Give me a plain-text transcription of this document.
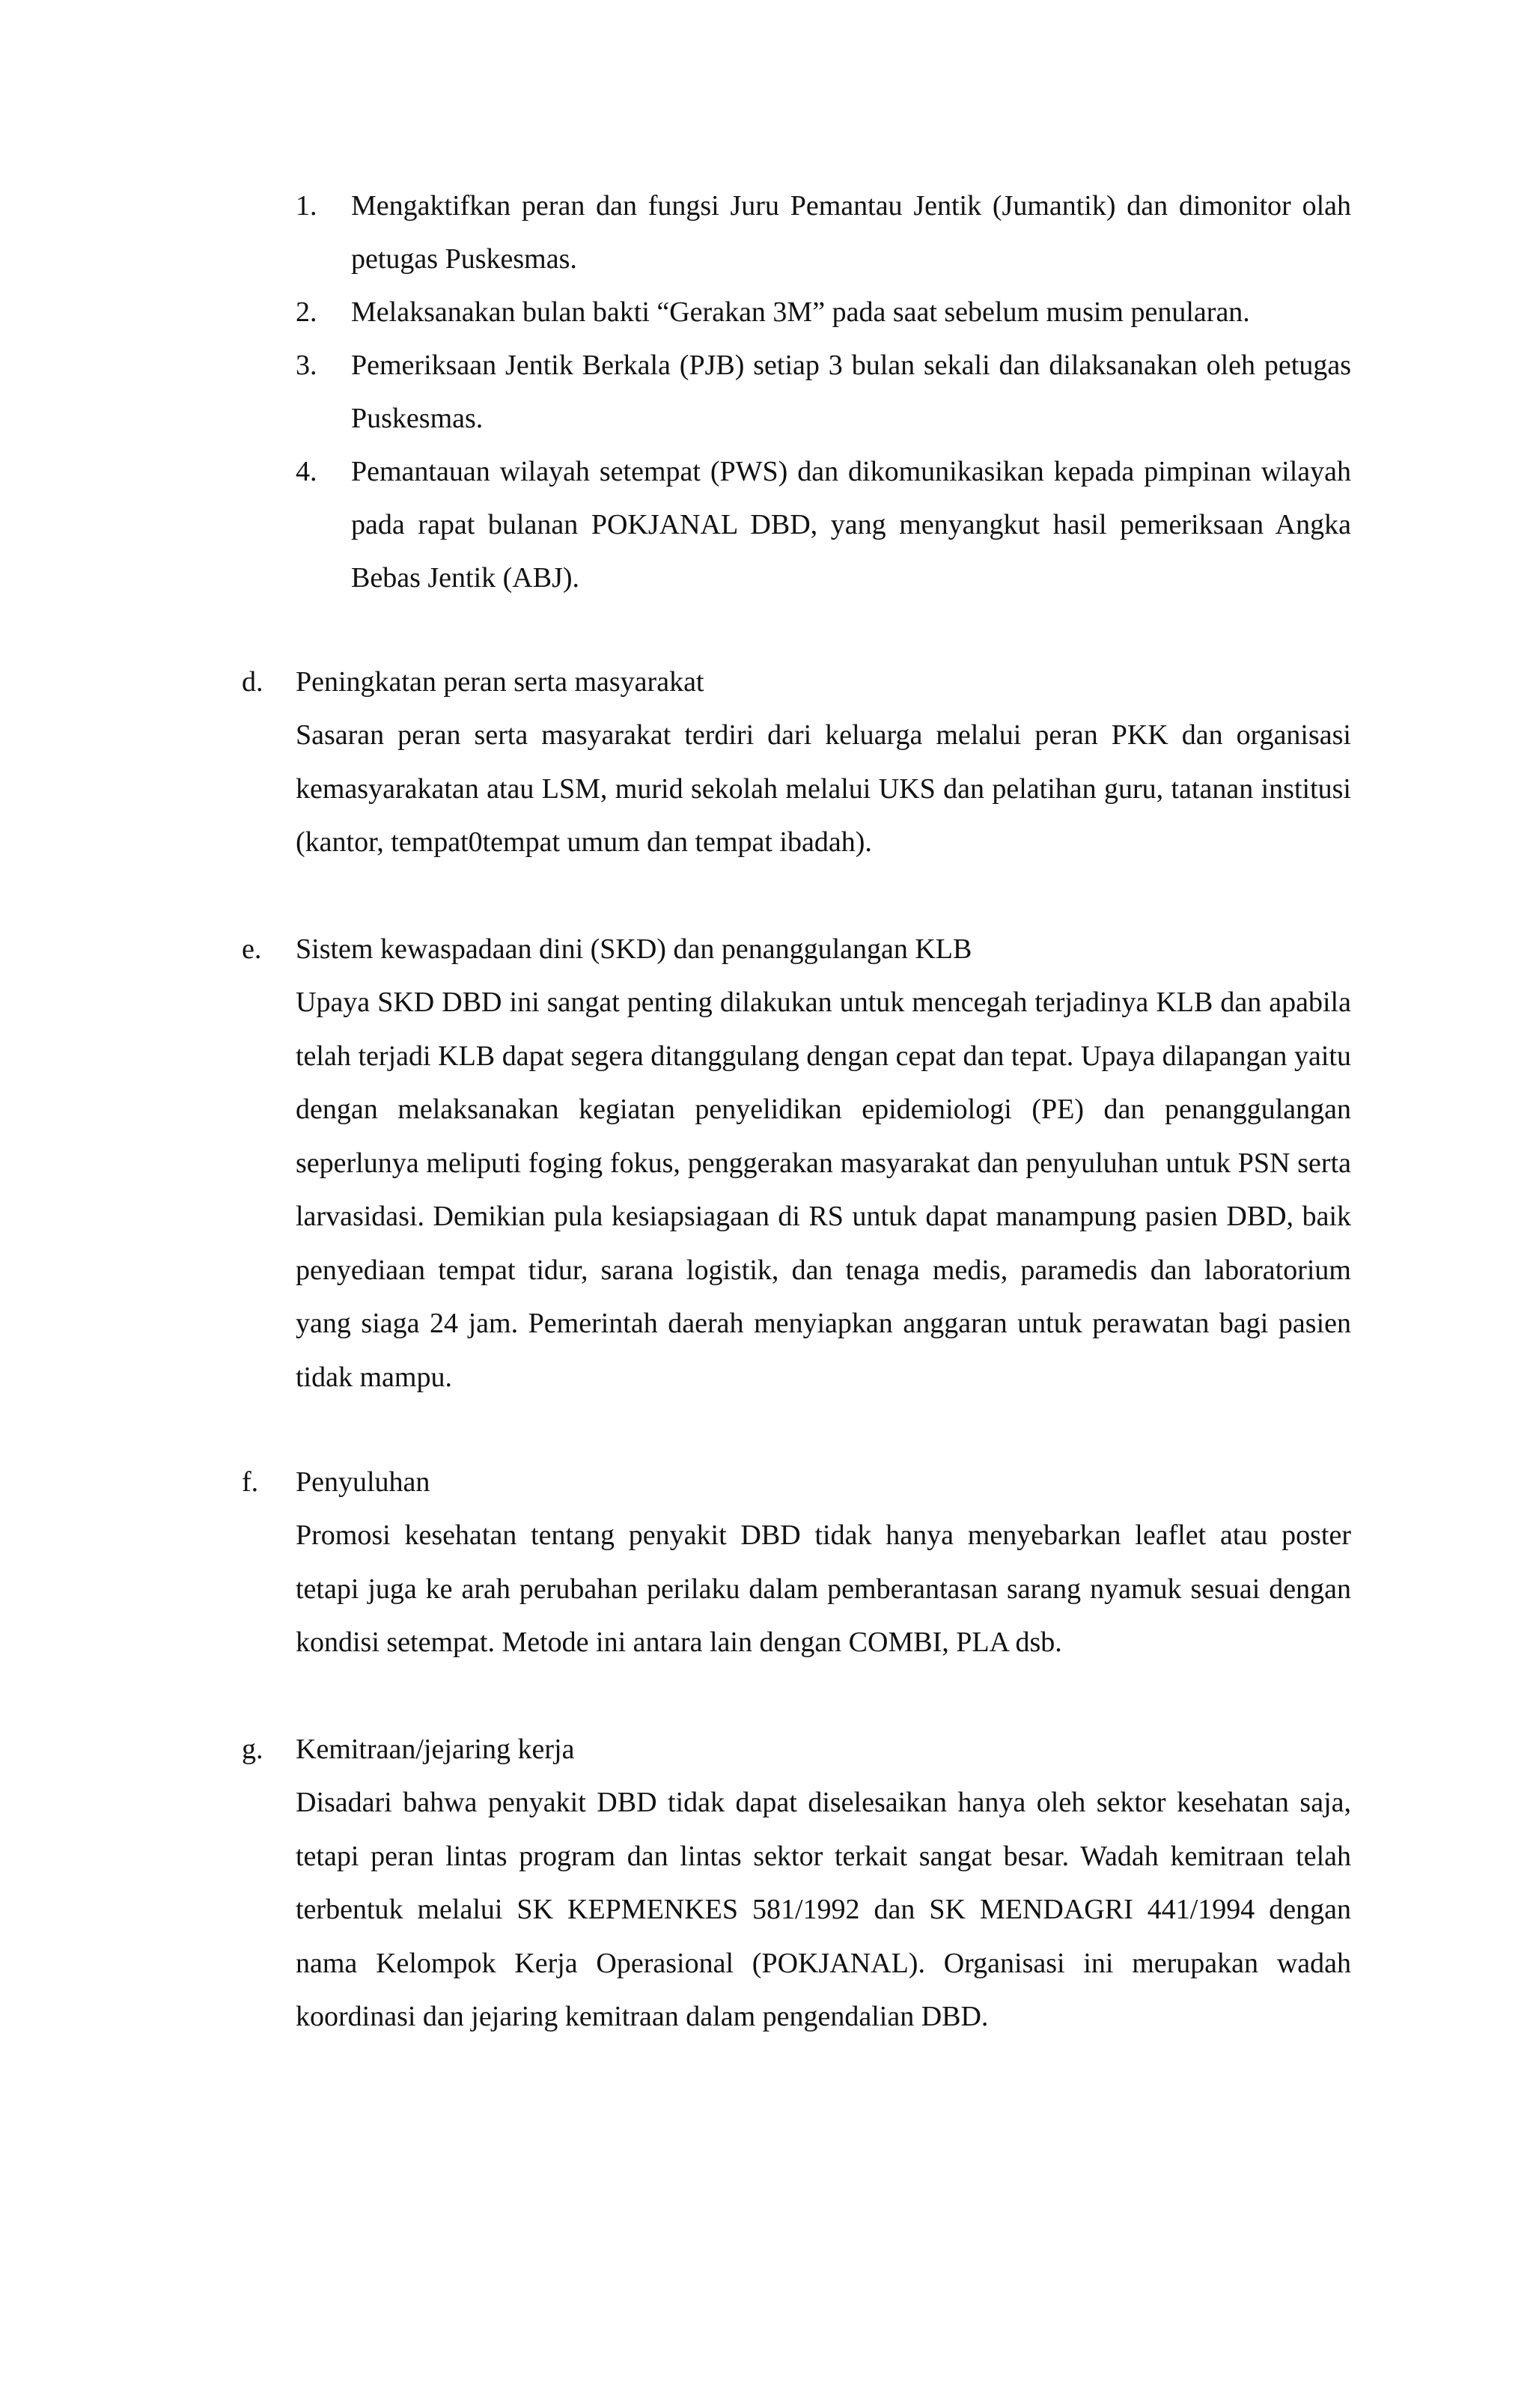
1. Mengaktifkan peran dan fungsi Juru Pemantau Jentik (Jumantik) dan dimonitor olah petugas Puskesmas.
2. Melaksanakan bulan bakti “Gerakan 3M” pada saat sebelum musim penularan.
3. Pemeriksaan Jentik Berkala (PJB) setiap 3 bulan sekali dan dilaksanakan oleh petugas Puskesmas.
4. Pemantauan wilayah setempat (PWS) dan dikomunikasikan kepada pimpinan wilayah pada rapat bulanan POKJANAL DBD, yang menyangkut hasil pemeriksaan Angka Bebas Jentik (ABJ).
d. Peningkatan peran serta masyarakat

Sasaran peran serta masyarakat terdiri dari keluarga melalui peran PKK dan organisasi kemasyarakatan atau LSM, murid sekolah melalui UKS dan pelatihan guru, tatanan institusi (kantor, tempat0tempat umum dan tempat ibadah).

e. Sistem kewaspadaan dini (SKD) dan penanggulangan KLB

Upaya SKD DBD ini sangat penting dilakukan untuk mencegah terjadinya KLB dan apabila telah terjadi KLB dapat segera ditanggulang dengan cepat dan tepat. Upaya dilapangan yaitu dengan melaksanakan kegiatan penyelidikan epidemiologi (PE) dan penanggulangan seperlunya meliputi foging fokus, penggerakan masyarakat dan penyuluhan untuk PSN serta larvasidasi. Demikian pula kesiapsiagaan di RS untuk dapat manampung pasien DBD, baik penyediaan tempat tidur, sarana logistik, dan tenaga medis, paramedis dan laboratorium yang siaga 24 jam. Pemerintah daerah menyiapkan anggaran untuk perawatan bagi pasien tidak mampu.

f. Penyuluhan

Promosi kesehatan tentang penyakit DBD tidak hanya menyebarkan leaflet atau poster tetapi juga ke arah perubahan perilaku dalam pemberantasan sarang nyamuk sesuai dengan kondisi setempat. Metode ini antara lain dengan COMBI, PLA dsb.

g. Kemitraan/jejaring kerja

Disadari bahwa penyakit DBD tidak dapat diselesaikan hanya oleh sektor kesehatan saja, tetapi peran lintas program dan lintas sektor terkait sangat besar. Wadah kemitraan telah terbentuk melalui SK KEPMENKES 581/1992 dan SK MENDAGRI 441/1994 dengan nama Kelompok Kerja Operasional (POKJANAL). Organisasi ini merupakan wadah koordinasi dan jejaring kemitraan dalam pengendalian DBD.
